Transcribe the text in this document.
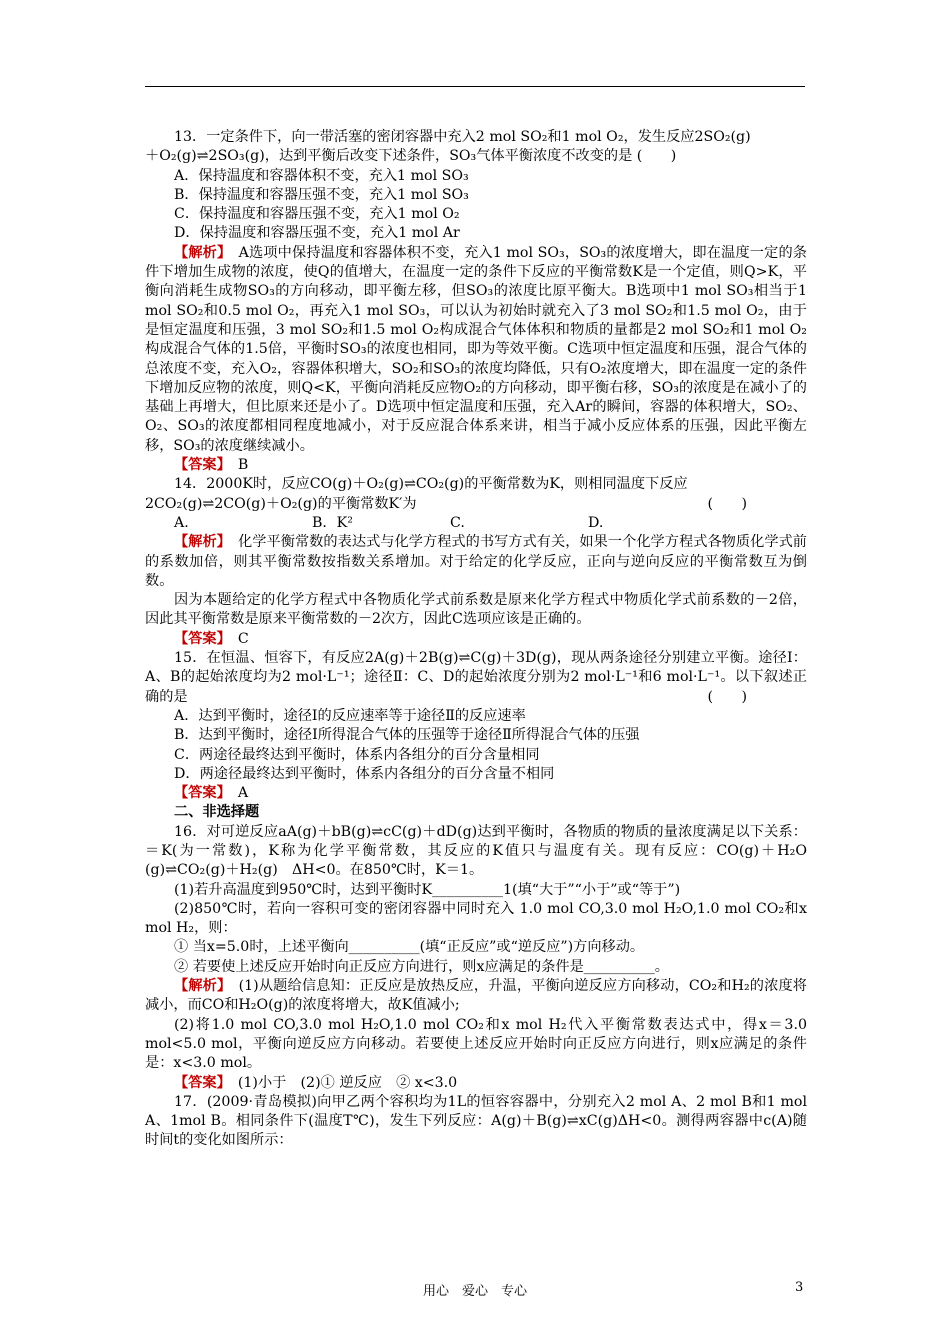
13．一定条件下，向一带活塞的密闭容器中充入2 mol SO₂和1 mol O₂，发生反应2SO₂(g)

＋O₂(g)⇌2SO₃(g)，达到平衡后改变下述条件，SO₃气体平衡浓度不改变的是 (　　)

A．保持温度和容器体积不变，充入1 mol SO₃

B．保持温度和容器压强不变，充入1 mol SO₃

C．保持温度和容器压强不变，充入1 mol O₂

D．保持温度和容器压强不变，充入1 mol Ar

【解析】　 A选项中保持温度和容器体积不变，充入1 mol SO₃，SO₃的浓度增大，即在温度一定的条件下增加生成物的浓度，使Q的值增大，在温度一定的条件下反应的平衡常数K是一个定值，则Q>K，平衡向消耗生成物SO₃的方向移动，即平衡左移，但SO₃的浓度比原平衡大。B选项中1 mol SO₃相当于1 mol SO₂和0.5 mol O₂，再充入1 mol SO₃，可以认为初始时就充入了3 mol SO₂和1.5 mol O₂，由于是恒定温度和压强，3 mol SO₂和1.5 mol O₂构成混合气体体积和物质的量都是2 mol SO₂和1 mol O₂构成混合气体的1.5倍，平衡时SO₃的浓度也相同，即为等效平衡。C选项中恒定温度和压强，混合气体的总浓度不变，充入O₂，容器体积增大，SO₂和SO₃的浓度均降低，只有O₂浓度增大，即在温度一定的条件下增加反应物的浓度，则Q<K，平衡向消耗反应物O₂的方向移动，即平衡右移，SO₃的浓度是在减小了的基础上再增大，但比原来还是小了。D选项中恒定温度和压强，充入Ar的瞬间，容器的体积增大，SO₂、O₂、SO₃的浓度都相同程度地减小，对于反应混合体系来讲，相当于减小反应体系的压强，因此平衡左移，SO₃的浓度继续减小。

【答案】　 B

14．2000K时，反应CO(g)＋O₂(g)⇌CO₂(g)的平衡常数为K，则相同温度下反应

2CO₂(g)⇌2CO(g)＋O₂(g)的平衡常数K′为	(　　)

A.	B．K²	C.	D.

【解析】　 化学平衡常数的表达式与化学方程式的书写方式有关，如果一个化学方程式各物质化学式前的系数加倍，则其平衡常数按指数关系增加。对于给定的化学反应，正向与逆向反应的平衡常数互为倒数。

因为本题给定的化学方程式中各物质化学式前系数是原来化学方程式中物质化学式前系数的－2倍，因此其平衡常数是原来平衡常数的－2次方，因此C选项应该是正确的。

【答案】　 C

15．在恒温、恒容下，有反应2A(g)＋2B(g)⇌C(g)＋3D(g)，现从两条途径分别建立平衡。途径Ⅰ：A、B的起始浓度均为2 mol·L⁻¹；途径Ⅱ：C、D的起始浓度分别为2 mol·L⁻¹和6 mol·L⁻¹。以下叙述正确的是	(　　)

A．达到平衡时，途径Ⅰ的反应速率等于途径Ⅱ的反应速率

B．达到平衡时，途径Ⅰ所得混合气体的压强等于途径Ⅱ所得混合气体的压强

C．两途径最终达到平衡时，体系内各组分的百分含量相同

D．两途径最终达到平衡时，体系内各组分的百分含量不相同

【答案】　 A

二、非选择题

16．对可逆反应aA(g)＋bB(g)⇌cC(g)＋dD(g)达到平衡时，各物质的物质的量浓度满足以下关系：＝K(为一常数)，K称为化学平衡常数，其反应的K值只与温度有关。现有反应：CO(g)＋H₂O (g)⇌CO₂(g)＋H₂(g)　ΔH<0。在850℃时，K＝1。

(1)若升高温度到950℃时，达到平衡时K__________1(填“大于”“小于”或“等于”)

(2)850℃时，若向一容积可变的密闭容器中同时充入 1.0 mol CO,3.0 mol H₂O,1.0 mol CO₂和x mol H₂，则：

① 当x=5.0时，上述平衡向__________(填“正反应”或“逆反应”)方向移动。

② 若要使上述反应开始时向正反应方向进行，则x应满足的条件是__________。

【解析】　 (1)从题给信息知：正反应是放热反应，升温，平衡向逆反应方向移动，CO₂和H₂的浓度将减小，而CO和H₂O(g)的浓度将增大，故K值减小;

(2)将1.0 mol CO,3.0 mol H₂O,1.0 mol CO₂和x mol H₂代入平衡常数表达式中，得x＝3.0 mol<5.0 mol，平衡向逆反应方向移动。若要使上述反应开始时向正反应方向进行，则x应满足的条件是：x<3.0 mol。

【答案】　 (1)小于　(2)① 逆反应　② x<3.0

17．(2009·青岛模拟)向甲乙两个容积均为1L的恒容容器中，分别充入2 mol A、2 mol B和1 mol A、1mol B。相同条件下(温度T℃)，发生下列反应：A(g)＋B(g)⇌xC(g)ΔH<0。测得两容器中c(A)随时间t的变化如图所示：

用心　爱心　专心	3
